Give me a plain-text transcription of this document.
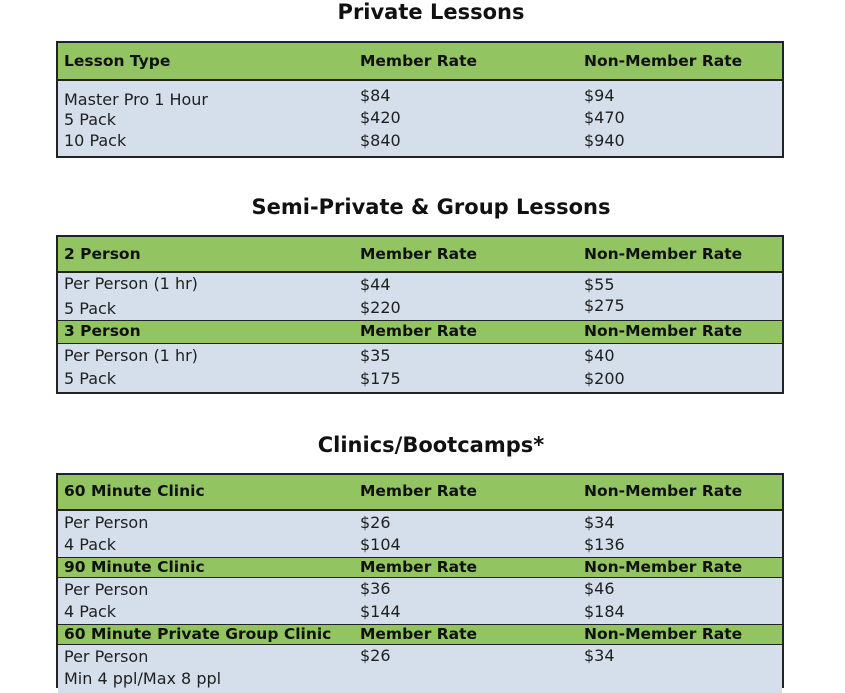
Private Lessons
Lesson Type	Member Rate	Non-Member Rate
Master Pro 1 Hour	$84	$94
5 Pack	$420	$470
10 Pack	$840	$940
Semi-Private & Group Lessons
2 Person	Member Rate	Non-Member Rate
Per Person (1 hr)	$44	$55
5 Pack	$220	$275
3 Person	Member Rate	Non-Member Rate
Per Person (1 hr)	$35	$40
5 Pack	$175	$200
Clinics/Bootcamps*
60 Minute Clinic	Member Rate	Non-Member Rate
Per Person	$26	$34
4 Pack	$104	$136
90 Minute Clinic	Member Rate	Non-Member Rate
Per Person	$36	$46
4 Pack	$144	$184
60 Minute Private Group Clinic Member Rate	Non-Member Rate
Per Person	$26	$34
Min 4 ppl/Max 8 ppl
